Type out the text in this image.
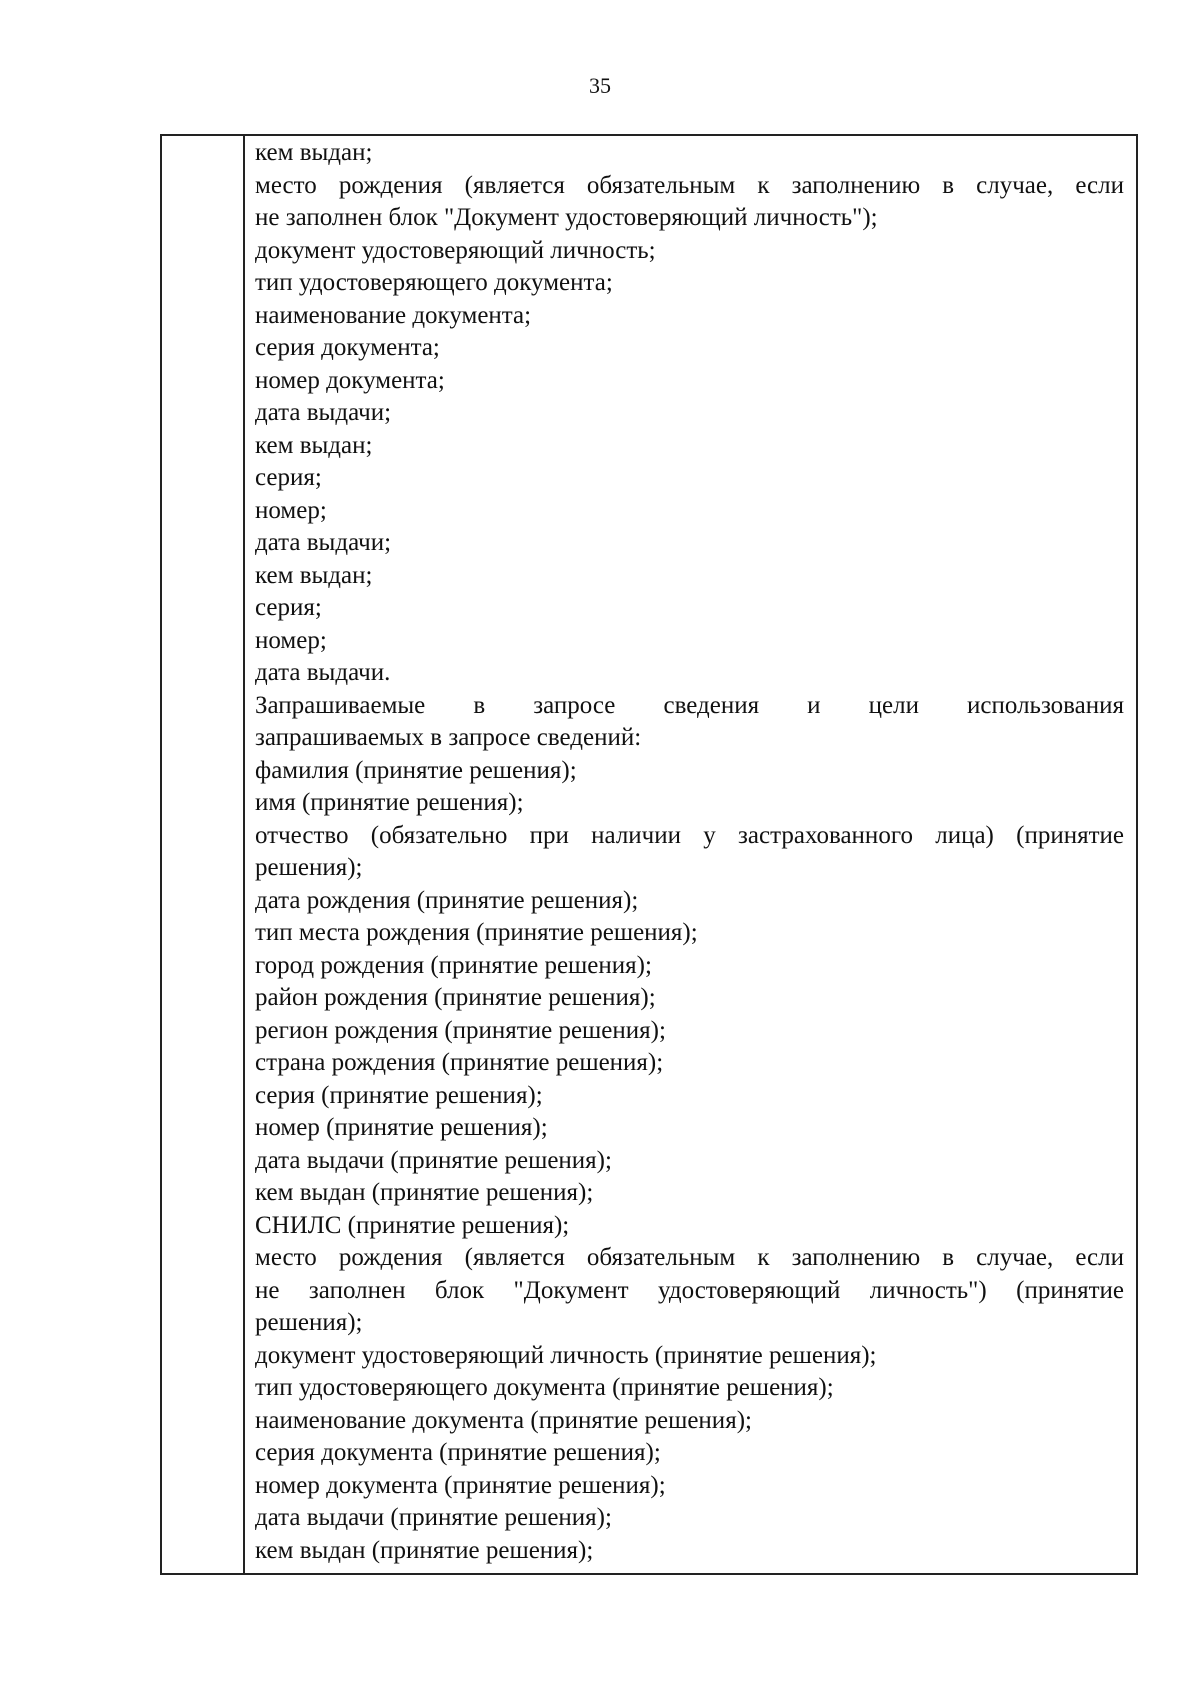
35
кем выдан;
место рождения (является обязательным к заполнению в случае, если
не заполнен блок "Документ удостоверяющий личность");
документ удостоверяющий личность;
тип удостоверяющего документа;
наименование документа;
серия документа;
номер документа;
дата выдачи;
кем выдан;
серия;
номер;
дата выдачи;
кем выдан;
серия;
номер;
дата выдачи.
Запрашиваемые в запросе сведения и цели использования
запрашиваемых в запросе сведений:
фамилия (принятие решения);
имя (принятие решения);
отчество (обязательно при наличии у застрахованного лица) (принятие
решения);
дата рождения (принятие решения);
тип места рождения (принятие решения);
город рождения (принятие решения);
район рождения (принятие решения);
регион рождения (принятие решения);
страна рождения (принятие решения);
серия (принятие решения);
номер (принятие решения);
дата выдачи (принятие решения);
кем выдан (принятие решения);
СНИЛС (принятие решения);
место рождения (является обязательным к заполнению в случае, если
не заполнен блок "Документ удостоверяющий личность") (принятие
решения);
документ удостоверяющий личность (принятие решения);
тип удостоверяющего документа (принятие решения);
наименование документа (принятие решения);
серия документа (принятие решения);
номер документа (принятие решения);
дата выдачи (принятие решения);
кем выдан (принятие решения);
